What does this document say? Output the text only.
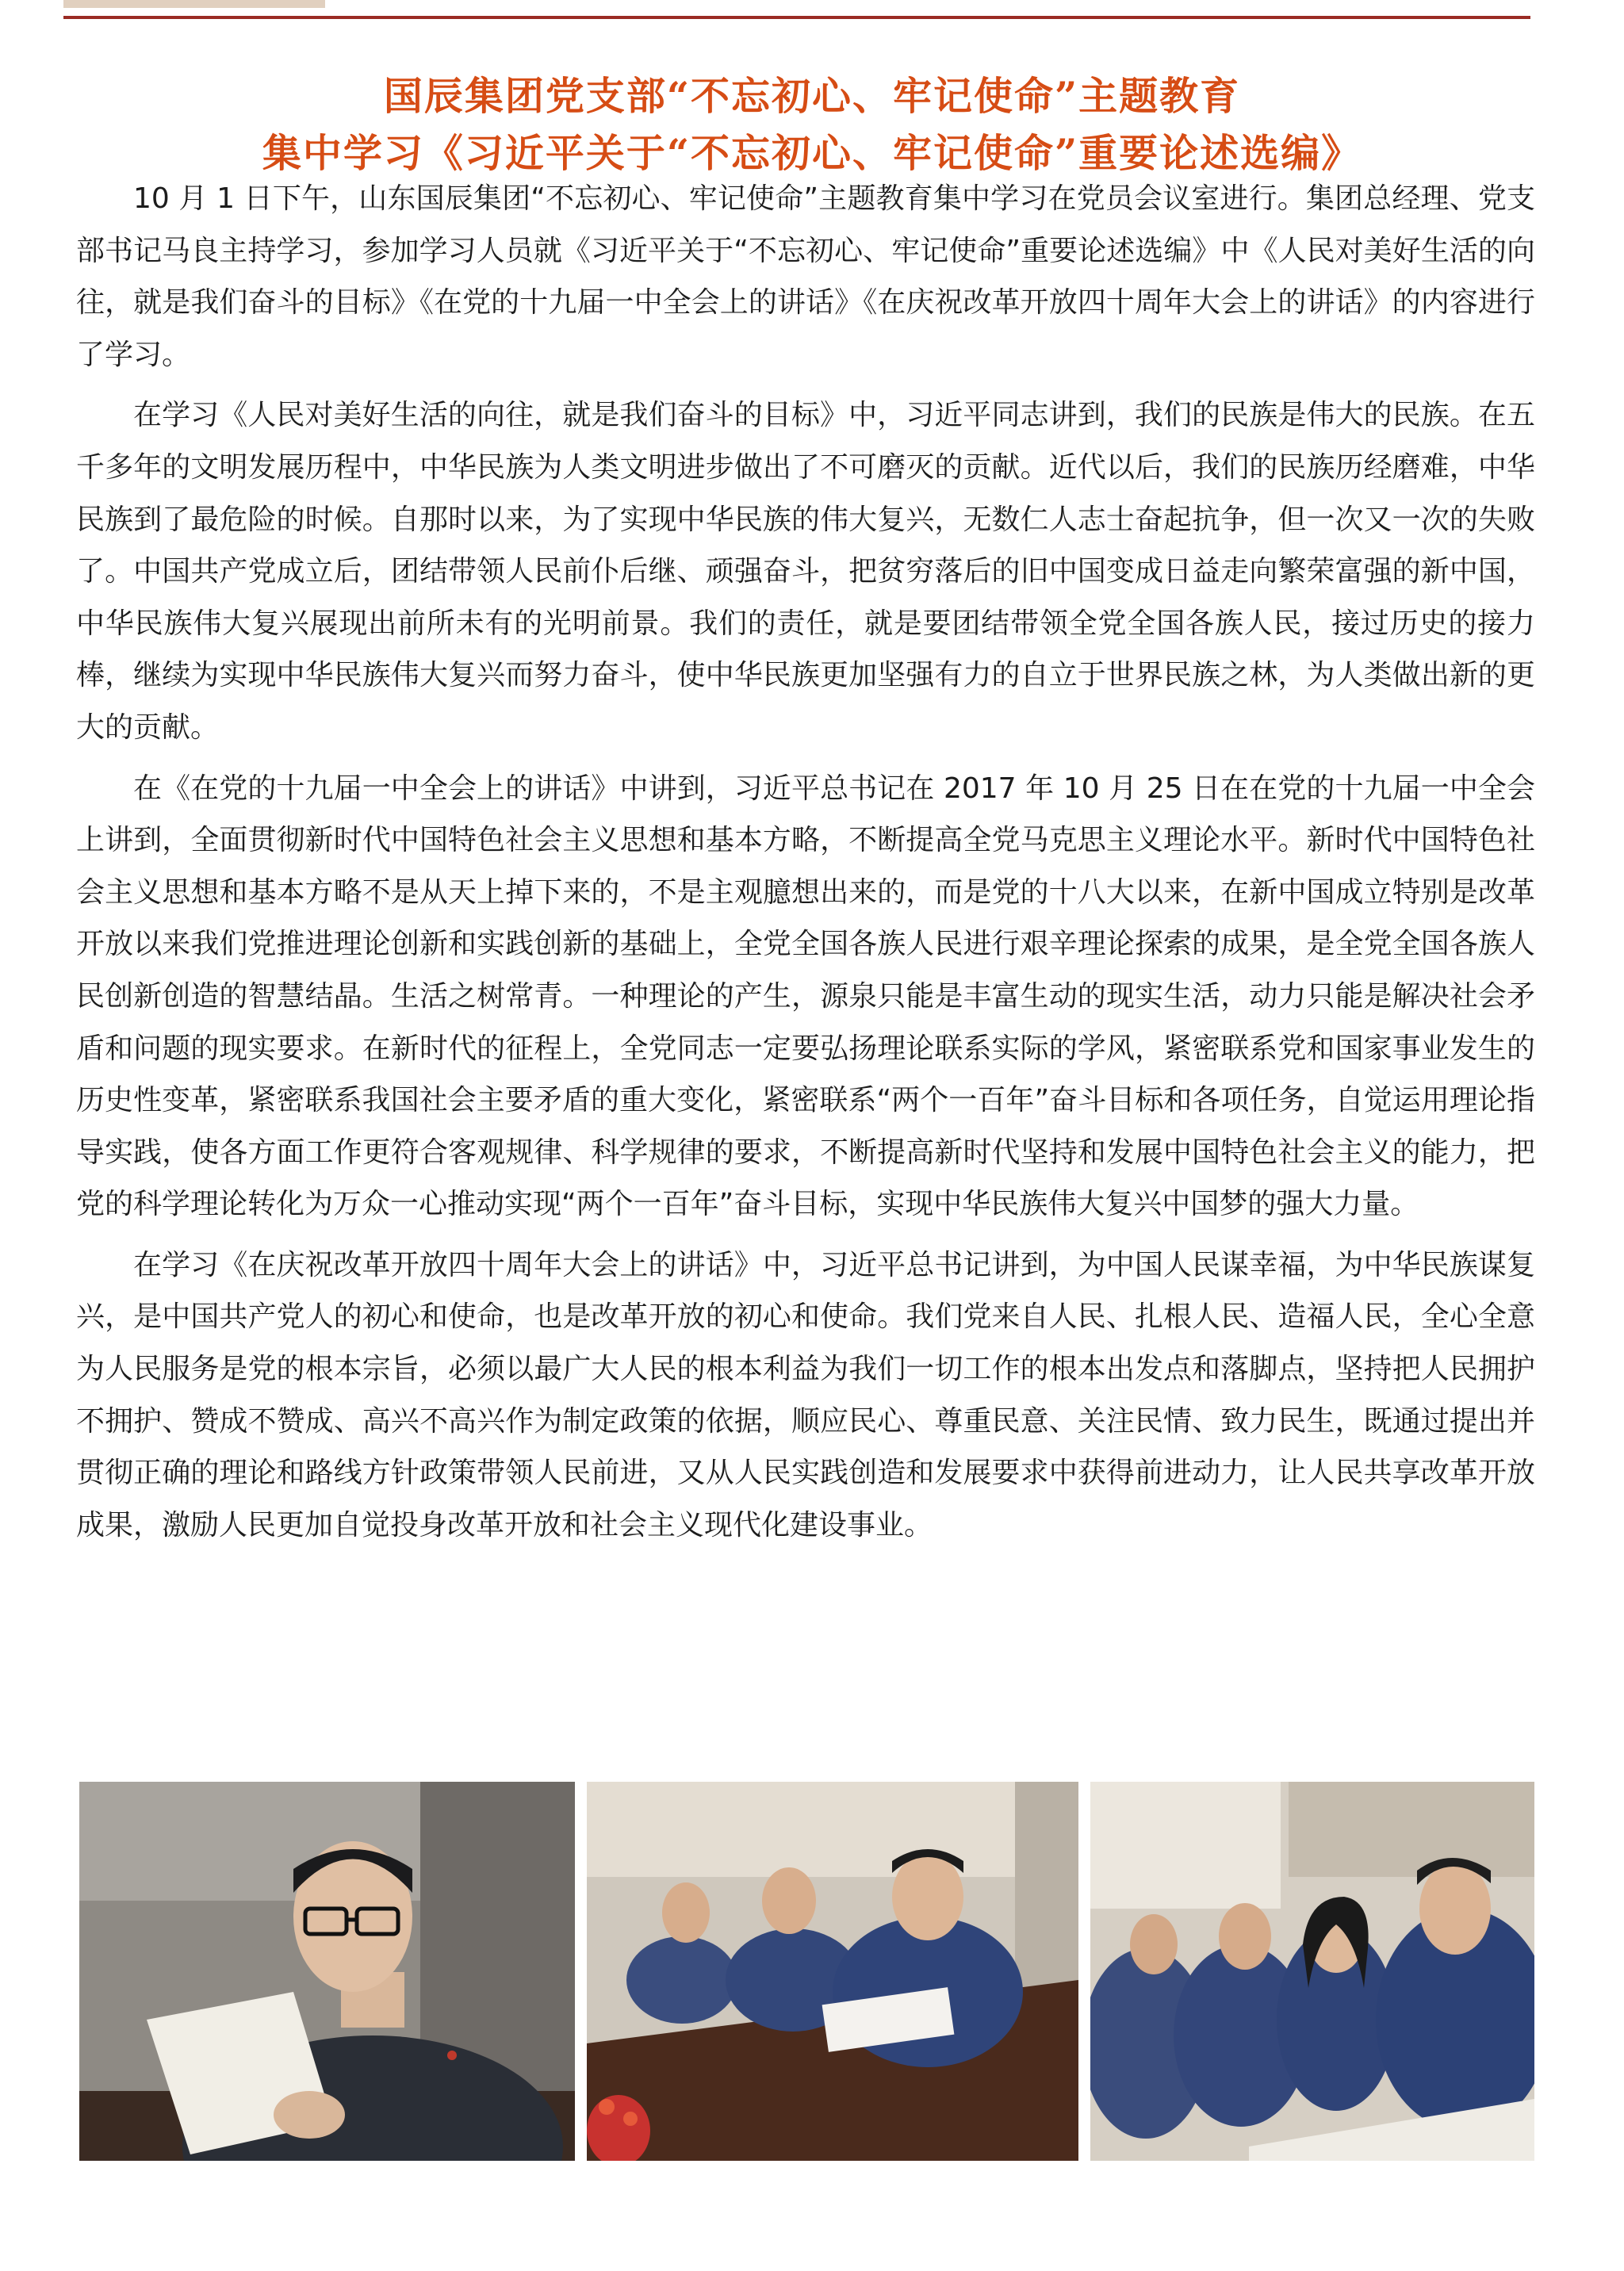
国辰集团党支部“不忘初心、牢记使命”主题教育
集中学习《习近平关于“不忘初心、牢记使命”重要论述选编》

10 月 1 日下午，山东国辰集团“不忘初心、牢记使命”主题教育集中学习在党员会议室进行。集团总经理、党支部书记马良主持学习，参加学习人员就《习近平关于“不忘初心、牢记使命”重要论述选编》中《人民对美好生活的向往，就是我们奋斗的目标》《在党的十九届一中全会上的讲话》《在庆祝改革开放四十周年大会上的讲话》的内容进行了学习。

在学习《人民对美好生活的向往，就是我们奋斗的目标》中，习近平同志讲到，我们的民族是伟大的民族。在五千多年的文明发展历程中，中华民族为人类文明进步做出了不可磨灭的贡献。近代以后，我们的民族历经磨难，中华民族到了最危险的时候。自那时以来，为了实现中华民族的伟大复兴，无数仁人志士奋起抗争，但一次又一次的失败了。中国共产党成立后，团结带领人民前仆后继、顽强奋斗，把贫穷落后的旧中国变成日益走向繁荣富强的新中国，中华民族伟大复兴展现出前所未有的光明前景。我们的责任，就是要团结带领全党全国各族人民，接过历史的接力棒，继续为实现中华民族伟大复兴而努力奋斗，使中华民族更加坚强有力的自立于世界民族之林，为人类做出新的更大的贡献。

在《在党的十九届一中全会上的讲话》中讲到，习近平总书记在 2017 年 10 月 25 日在在党的十九届一中全会上讲到，全面贯彻新时代中国特色社会主义思想和基本方略，不断提高全党马克思主义理论水平。新时代中国特色社会主义思想和基本方略不是从天上掉下来的，不是主观臆想出来的，而是党的十八大以来，在新中国成立特别是改革开放以来我们党推进理论创新和实践创新的基础上，全党全国各族人民进行艰辛理论探索的成果，是全党全国各族人民创新创造的智慧结晶。生活之树常青。一种理论的产生，源泉只能是丰富生动的现实生活，动力只能是解决社会矛盾和问题的现实要求。在新时代的征程上，全党同志一定要弘扬理论联系实际的学风，紧密联系党和国家事业发生的历史性变革，紧密联系我国社会主要矛盾的重大变化，紧密联系“两个一百年”奋斗目标和各项任务，自觉运用理论指导实践，使各方面工作更符合客观规律、科学规律的要求，不断提高新时代坚持和发展中国特色社会主义的能力，把党的科学理论转化为万众一心推动实现“两个一百年”奋斗目标，实现中华民族伟大复兴中国梦的强大力量。

在学习《在庆祝改革开放四十周年大会上的讲话》中，习近平总书记讲到，为中国人民谋幸福，为中华民族谋复兴，是中国共产党人的初心和使命，也是改革开放的初心和使命。我们党来自人民、扎根人民、造福人民，全心全意为人民服务是党的根本宗旨，必须以最广大人民的根本利益为我们一切工作的根本出发点和落脚点，坚持把人民拥护不拥护、赞成不赞成、高兴不高兴作为制定政策的依据，顺应民心、尊重民意、关注民情、致力民生，既通过提出并贯彻正确的理论和路线方针政策带领人民前进，又从人民实践创造和发展要求中获得前进动力，让人民共享改革开放成果，激励人民更加自觉投身改革开放和社会主义现代化建设事业。
